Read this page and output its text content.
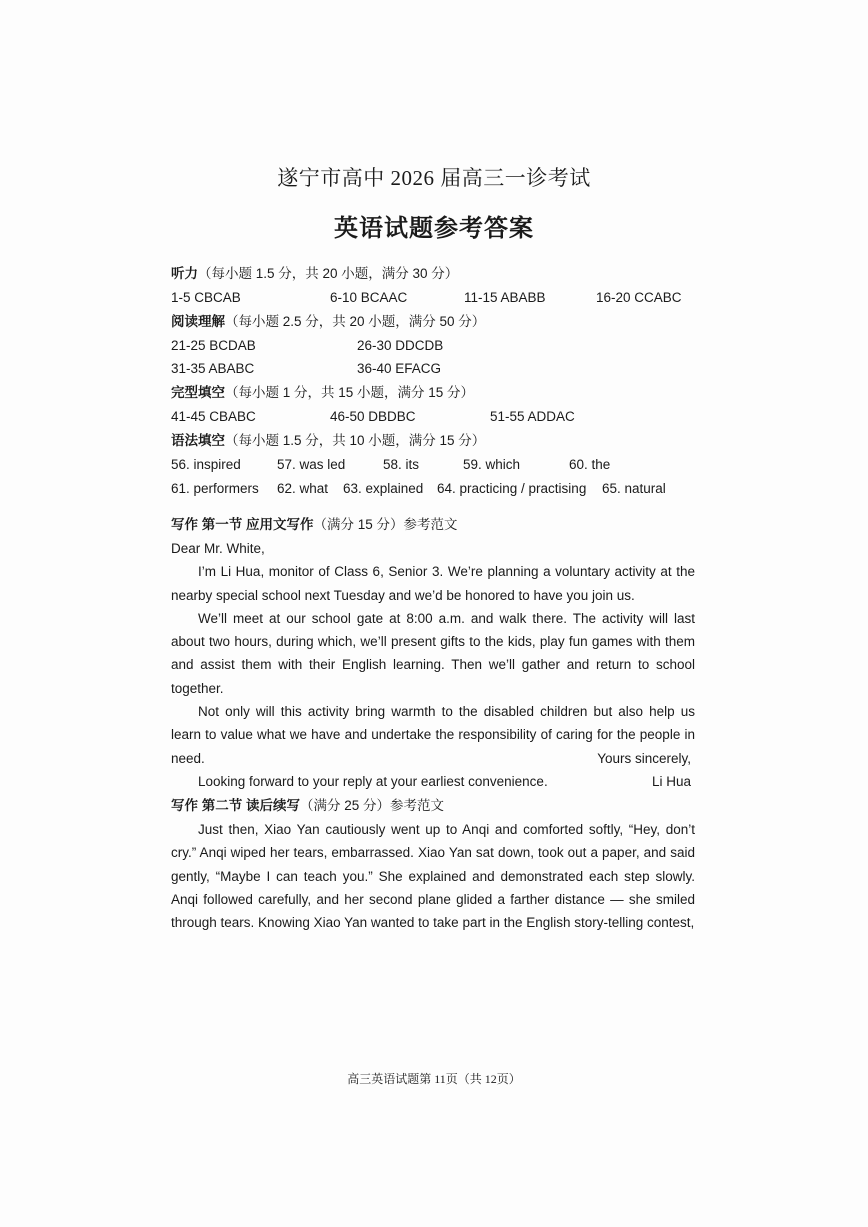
遂宁市高中 2026 届高三一诊考试
英语试题参考答案
听力（每小题 1.5 分，共 20 小题，满分 30 分）
1-5 CBCAB	6-10 BCAAC	11-15 ABABB	16-20 CCABC
阅读理解（每小题 2.5 分，共 20 小题，满分 50 分）
21-25 BCDAB	26-30 DDCDB
31-35 ABABC	36-40 EFACG
完型填空（每小题 1 分，共 15 小题，满分 15 分）
41-45 CBABC	46-50 DBDBC	51-55 ADDAC
语法填空（每小题 1.5 分，共 10 小题，满分 15 分）
56. inspired	57. was led	58. its	59. which	60. the
61. performers 62. what 63. explained 64. practicing / practising 65. natural
写作 第一节 应用文写作（满分 15 分）参考范文

Dear Mr. White,

I’m Li Hua, monitor of Class 6, Senior 3. We’re planning a voluntary activity at the nearby special school next Tuesday and we’d be honored to have you join us.

We’ll meet at our school gate at 8:00 a.m. and walk there. The activity will last about two hours, during which, we’ll present gifts to the kids, play fun games with them and assist them with their English learning. Then we’ll gather and return to school together.

Not only will this activity bring warmth to the disabled children but also help us learn to value what we have and undertake the responsibility of caring for the people in need.

Looking forward to your reply at your earliest convenience.

Yours sincerely,
Li Hua
写作 第二节 读后续写（满分 25 分）参考范文

Just then, Xiao Yan cautiously went up to Anqi and comforted softly, “Hey, don’t cry.” Anqi wiped her tears, embarrassed. Xiao Yan sat down, took out a paper, and said gently, “Maybe I can teach you.” She explained and demonstrated each step slowly. Anqi followed carefully, and her second plane glided a farther distance — she smiled through tears. Knowing Xiao Yan wanted to take part in the English story-telling contest,

高三英语试题第 11页（共 12页）
